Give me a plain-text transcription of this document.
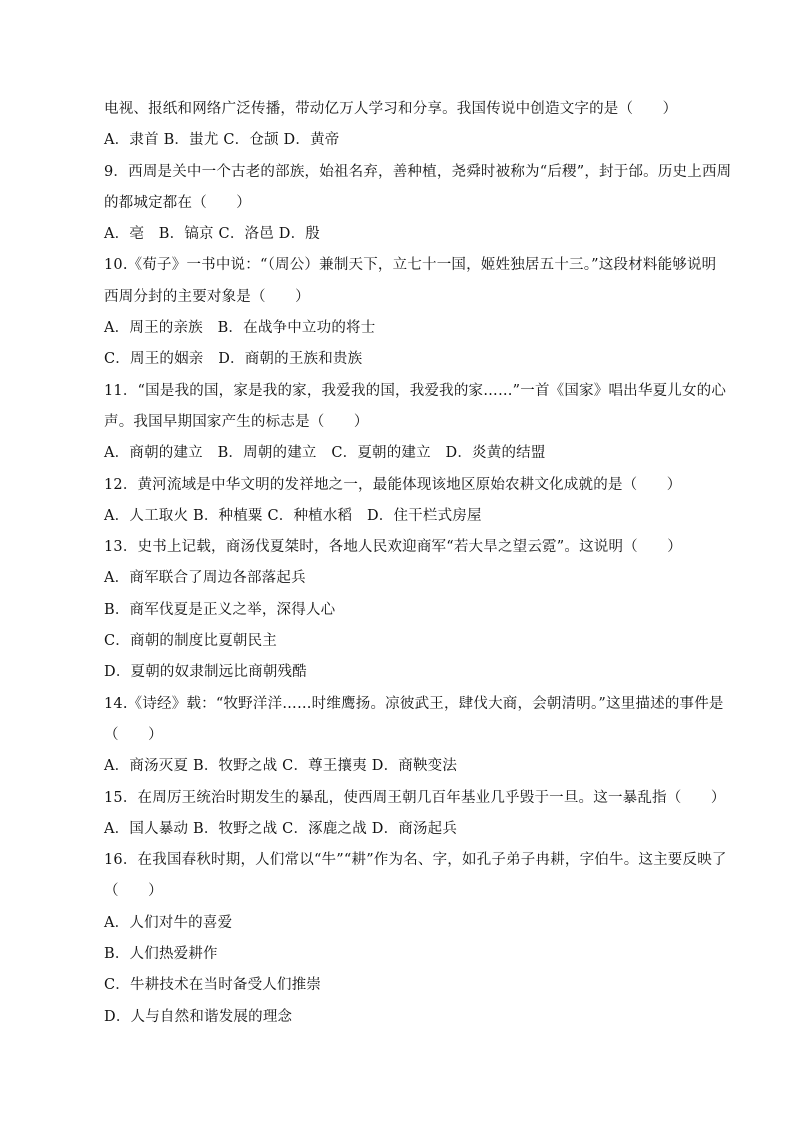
电视、报纸和网络广泛传播，带动亿万人学习和分享。我国传说中创造文字的是（　　）
A．隶首 B．蚩尤 C．仓颉 D．黄帝
9．西周是关中一个古老的部族，始祖名弃，善种植，尧舜时被称为“后稷”，封于邰。历史上西周
的都城定都在（　　）
A．亳　B．镐京 C．洛邑 D．殷
10.《荀子》一书中说：“（周公）兼制天下，立七十一国，姬姓独居五十三。”这段材料能够说明
西周分封的主要对象是（　　）
A．周王的亲族　B．在战争中立功的将士
C．周王的姻亲　D．商朝的王族和贵族
11．“国是我的国，家是我的家，我爱我的国，我爱我的家……”一首《国家》唱出华夏儿女的心
声。我国早期国家产生的标志是（　　）
A．商朝的建立　B．周朝的建立　C．夏朝的建立　D．炎黄的结盟
12．黄河流域是中华文明的发祥地之一，最能体现该地区原始农耕文化成就的是（　　）
A．人工取火 B．种植粟 C．种植水稻　D．住干栏式房屋
13．史书上记载，商汤伐夏桀时，各地人民欢迎商军“若大旱之望云霓”。这说明（　　）
A．商军联合了周边各部落起兵
B．商军伐夏是正义之举，深得人心
C．商朝的制度比夏朝民主
D．夏朝的奴隶制远比商朝残酷
14.《诗经》载：“牧野洋洋……时维鹰扬。凉彼武王，肆伐大商，会朝清明。”这里描述的事件是
（　　）
A．商汤灭夏 B．牧野之战 C．尊王攘夷 D．商鞅变法
15．在周厉王统治时期发生的暴乱，使西周王朝几百年基业几乎毁于一旦。这一暴乱指（　　）
A．国人暴动 B．牧野之战 C．涿鹿之战 D．商汤起兵
16．在我国春秋时期，人们常以“牛”“耕”作为名、字，如孔子弟子冉耕，字伯牛。这主要反映了
（　　）
A．人们对牛的喜爱
B．人们热爱耕作
C．牛耕技术在当时备受人们推崇
D．人与自然和谐发展的理念
